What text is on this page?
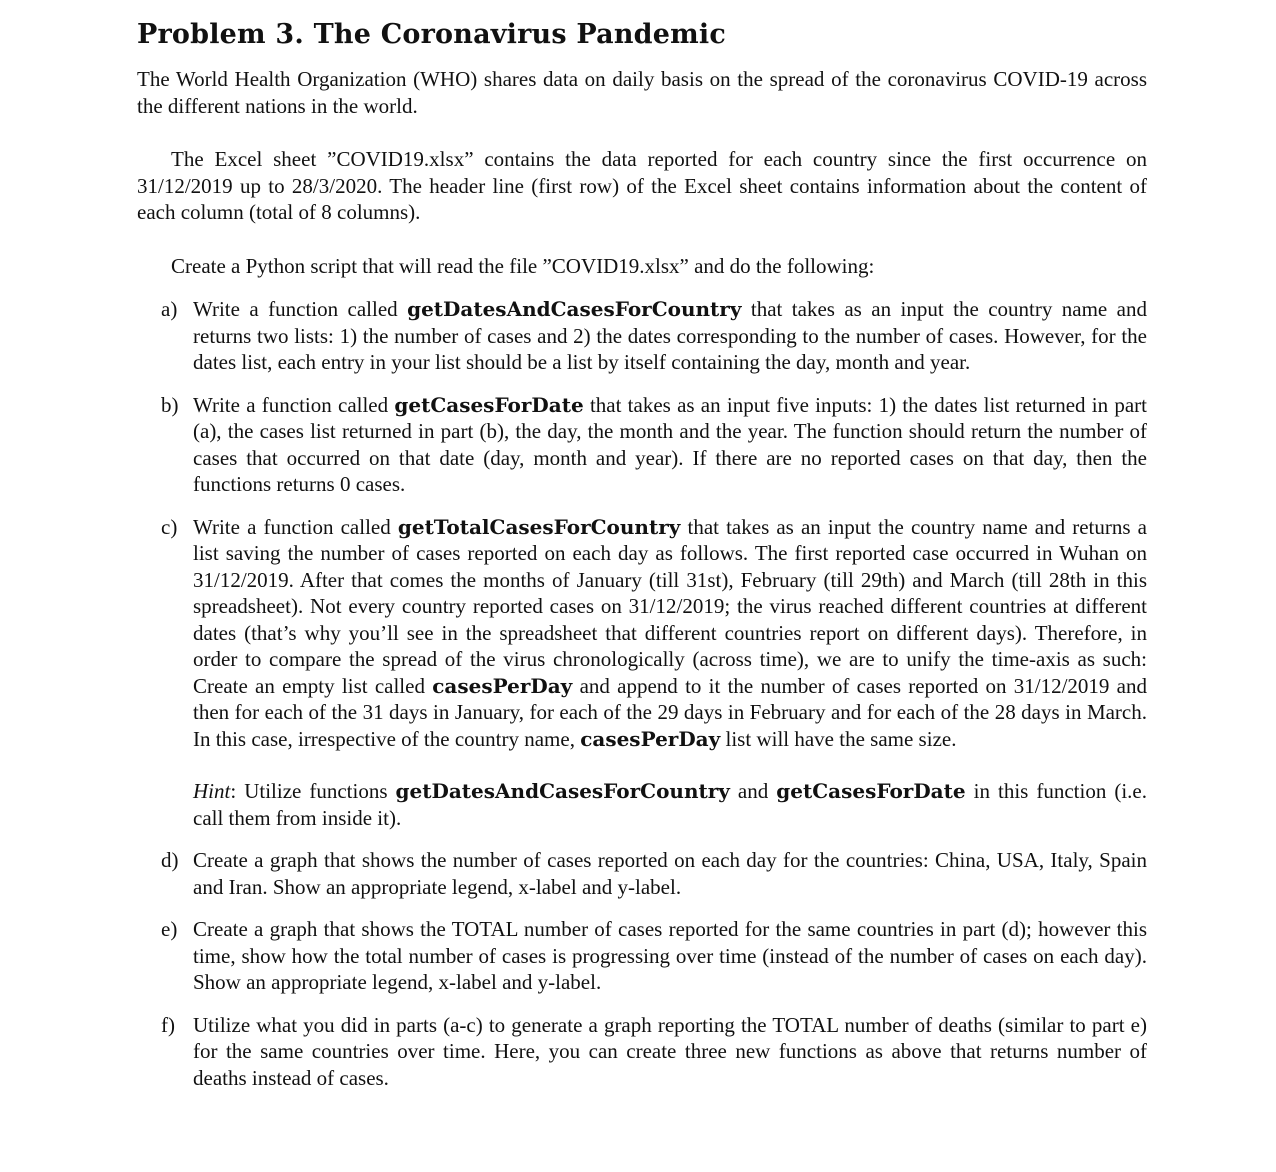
Problem 3. The Coronavirus Pandemic

The World Health Organization (WHO) shares data on daily basis on the spread of the coronavirus COVID-19 across the different nations in the world.

The Excel sheet ”COVID19.xlsx” contains the data reported for each country since the first occurrence on 31/12/2019 up to 28/3/2020. The header line (first row) of the Excel sheet contains information about the content of each column (total of 8 columns).

Create a Python script that will read the file ”COVID19.xlsx” and do the following:

a) Write a function called getDatesAndCasesForCountry that takes as an input the country name and returns two lists: 1) the number of cases and 2) the dates corresponding to the number of cases. However, for the dates list, each entry in your list should be a list by itself containing the day, month and year.
b) Write a function called getCasesForDate that takes as an input five inputs: 1) the dates list returned in part (a), the cases list returned in part (b), the day, the month and the year. The function should return the number of cases that occurred on that date (day, month and year). If there are no reported cases on that day, then the functions returns 0 cases.
c) Write a function called getTotalCasesForCountry that takes as an input the country name and returns a list saving the number of cases reported on each day as follows. The first reported case occurred in Wuhan on 31/12/2019. After that comes the months of January (till 31st), February (till 29th) and March (till 28th in this spreadsheet). Not every country reported cases on 31/12/2019; the virus reached different countries at different dates (that’s why you’ll see in the spreadsheet that different countries report on different days). Therefore, in order to compare the spread of the virus chronologically (across time), we are to unify the time-axis as such: Create an empty list called casesPerDay and append to it the number of cases reported on 31/12/2019 and then for each of the 31 days in January, for each of the 29 days in February and for each of the 28 days in March. In this case, irrespective of the country name, casesPerDay list will have the same size.

Hint: Utilize functions getDatesAndCasesForCountry and getCasesForDate in this function (i.e. call them from inside it).

d) Create a graph that shows the number of cases reported on each day for the countries: China, USA, Italy, Spain and Iran. Show an appropriate legend, x-label and y-label.
e) Create a graph that shows the TOTAL number of cases reported for the same countries in part (d); however this time, show how the total number of cases is progressing over time (instead of the number of cases on each day). Show an appropriate legend, x-label and y-label.
f) Utilize what you did in parts (a-c) to generate a graph reporting the TOTAL number of deaths (similar to part e) for the same countries over time. Here, you can create three new functions as above that returns number of deaths instead of cases.
